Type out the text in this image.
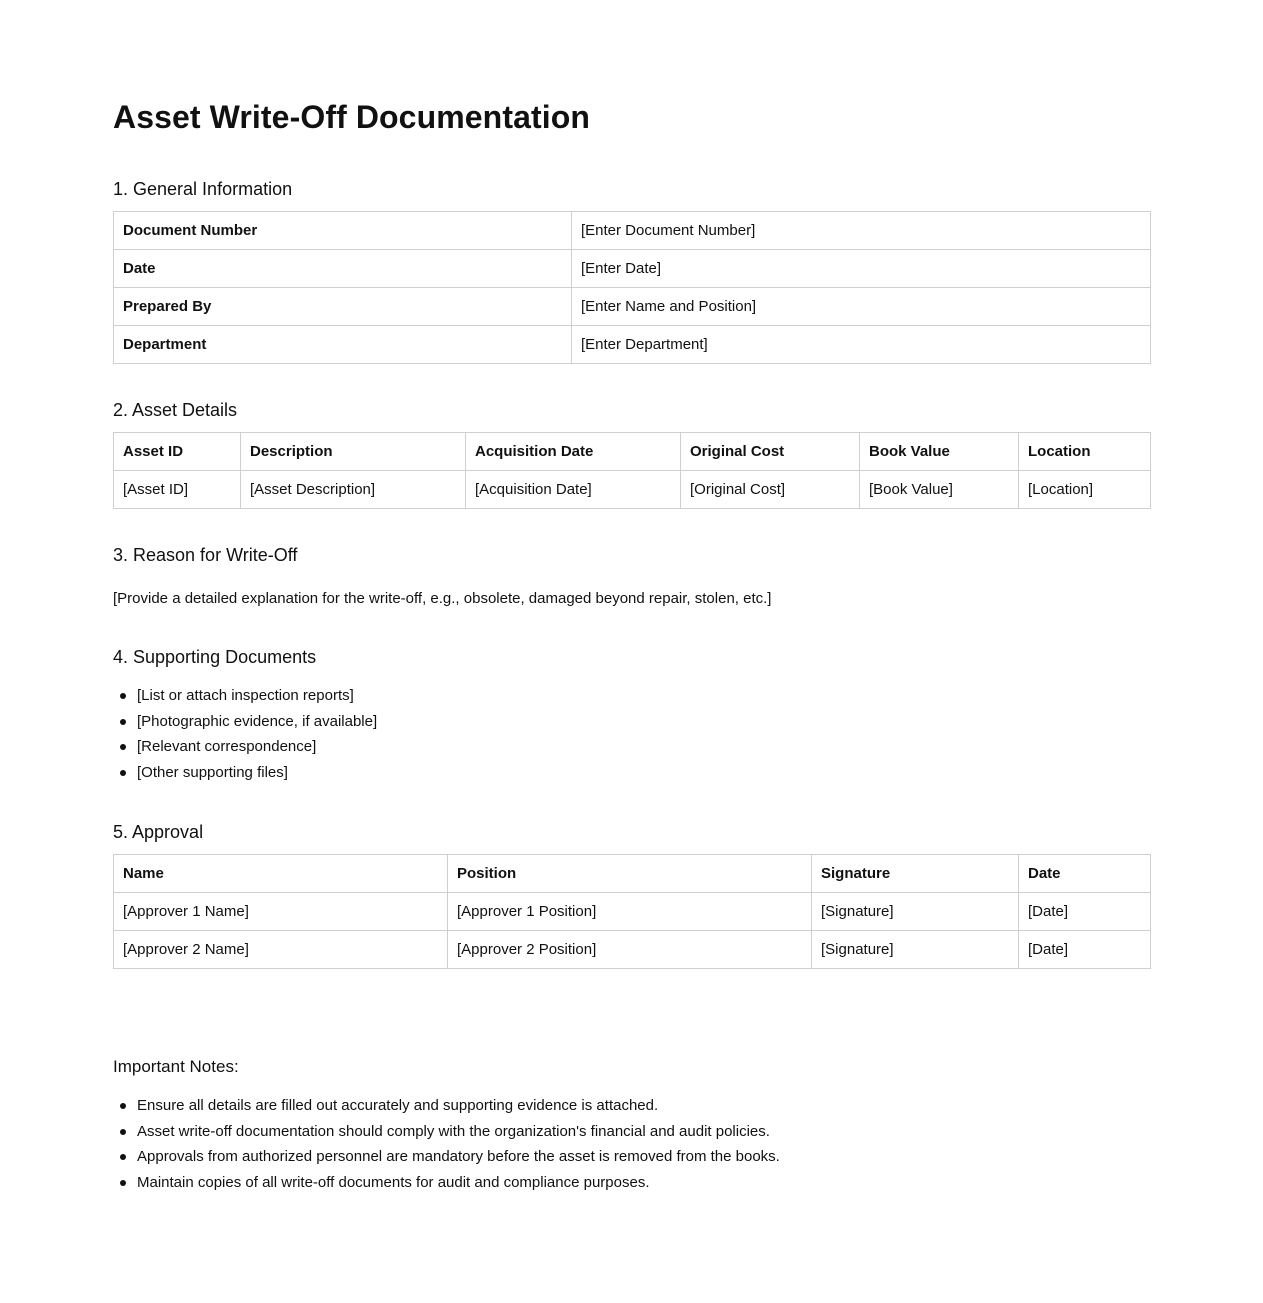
Asset Write-Off Documentation
1. General Information
Document Number	[Enter Document Number]
Date	[Enter Date]
Prepared By	[Enter Name and Position]
Department	[Enter Department]
2. Asset Details
Asset ID	Description	Acquisition Date	Original Cost	Book Value	Location
[Asset ID]	[Asset Description]	[Acquisition Date]	[Original Cost]	[Book Value]	[Location]
3. Reason for Write-Off

[Provide a detailed explanation for the write-off, e.g., obsolete, damaged beyond repair, stolen, etc.]

4. Supporting Documents
[List or attach inspection reports]
[Photographic evidence, if available]
[Relevant correspondence]
[Other supporting files]
5. Approval
Name	Position	Signature	Date
[Approver 1 Name]	[Approver 1 Position]	[Signature]	[Date]
[Approver 2 Name]	[Approver 2 Position]	[Signature]	[Date]
Important Notes:
Ensure all details are filled out accurately and supporting evidence is attached.
Asset write-off documentation should comply with the organization's financial and audit policies.
Approvals from authorized personnel are mandatory before the asset is removed from the books.
Maintain copies of all write-off documents for audit and compliance purposes.
